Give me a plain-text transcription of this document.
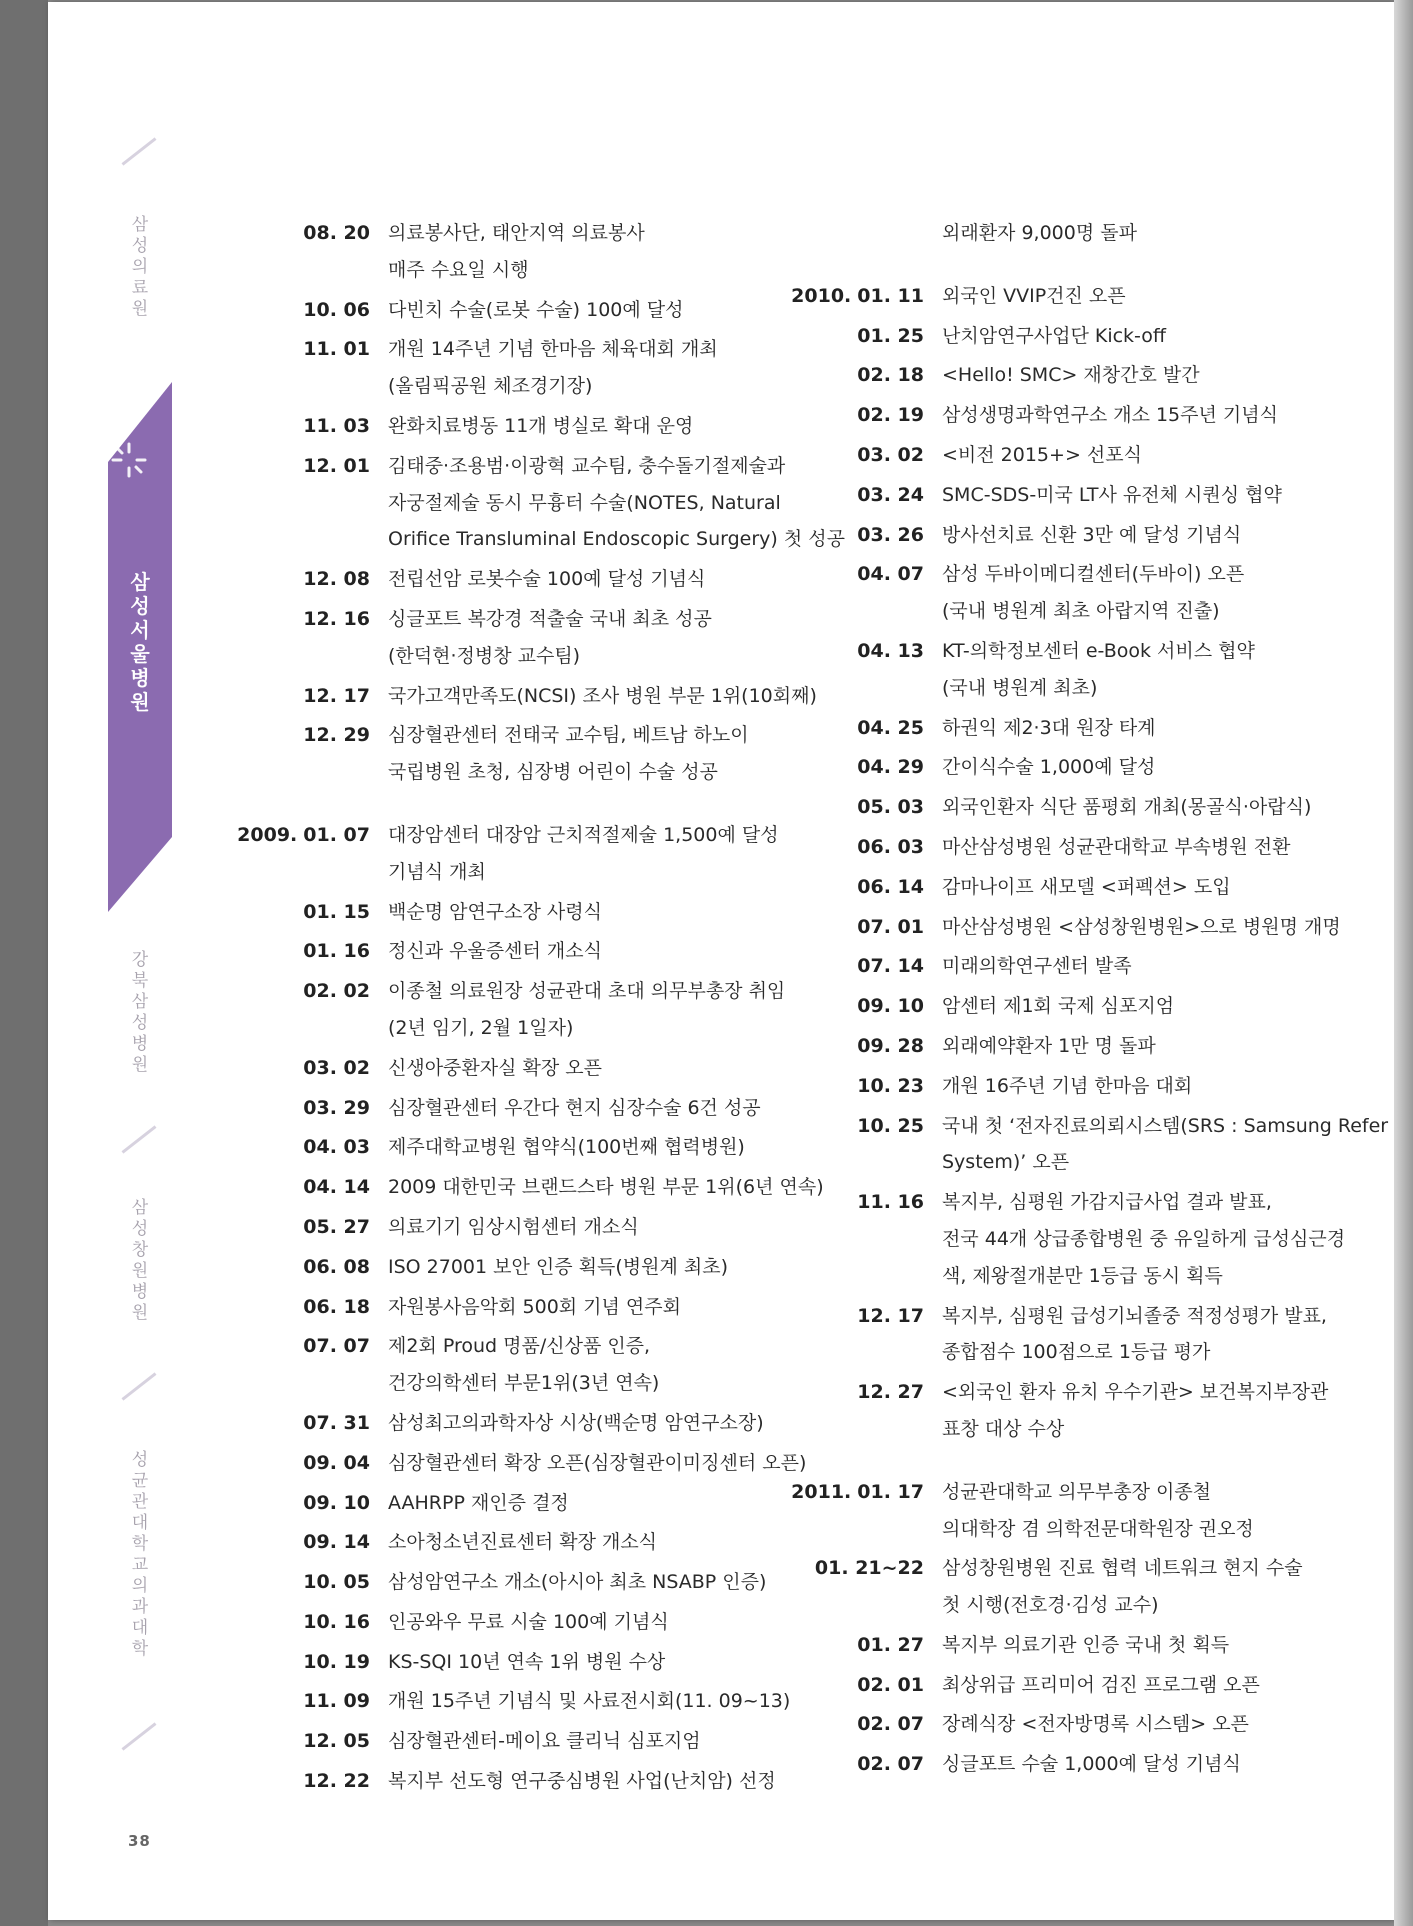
삼성의료원
삼성서울병원
강북삼성병원
삼성창원병원
성균관대학교 의과대학
38
08. 20 의료봉사단, 태안지역 의료봉사
매주 수요일 시행
10. 06 다빈치 수술(로봇 수술) 100예 달성
11. 01 개원 14주년 기념 한마음 체육대회 개최
(올림픽공원 체조경기장)
11. 03 완화치료병동 11개 병실로 확대 운영
12. 01 김태중·조용범·이광혁 교수팀, 충수돌기절제술과
자궁절제술 동시 무흉터 수술(NOTES, Natural
Orifice Transluminal Endoscopic Surgery) 첫 성공
12. 08 전립선암 로봇수술 100예 달성 기념식
12. 16 싱글포트 복강경 적출술 국내 최초 성공
(한덕현·정병창 교수팀)
12. 17 국가고객만족도(NCSI) 조사 병원 부문 1위(10회째)
12. 29 심장혈관센터 전태국 교수팀, 베트남 하노이
국립병원 초청, 심장병 어린이 수술 성공
2009. 01. 07 대장암센터 대장암 근치적절제술 1,500예 달성
기념식 개최
01. 15 백순명 암연구소장 사령식
01. 16 정신과 우울증센터 개소식
02. 02 이종철 의료원장 성균관대 초대 의무부총장 취임
(2년 임기, 2월 1일자)
03. 02 신생아중환자실 확장 오픈
03. 29 심장혈관센터 우간다 현지 심장수술 6건 성공
04. 03 제주대학교병원 협약식(100번째 협력병원)
04. 14 2009 대한민국 브랜드스타 병원 부문 1위(6년 연속)
05. 27 의료기기 임상시험센터 개소식
06. 08 ISO 27001 보안 인증 획득(병원계 최초)
06. 18 자원봉사음악회 500회 기념 연주회
07. 07 제2회 Proud 명품/신상품 인증,
건강의학센터 부문1위(3년 연속)
07. 31 삼성최고의과학자상 시상(백순명 암연구소장)
09. 04 심장혈관센터 확장 오픈(심장혈관이미징센터 오픈)
09. 10 AAHRPP 재인증 결정
09. 14 소아청소년진료센터 확장 개소식
10. 05 삼성암연구소 개소(아시아 최초 NSABP 인증)
10. 16 인공와우 무료 시술 100예 기념식
10. 19 KS-SQI 10년 연속 1위 병원 수상
11. 09 개원 15주년 기념식 및 사료전시회(11. 09~13)
12. 05 심장혈관센터-메이요 클리닉 심포지엄
12. 22 복지부 선도형 연구중심병원 사업(난치암) 선정
외래환자 9,000명 돌파
2010. 01. 11 외국인 VVIP건진 오픈
01. 25 난치암연구사업단 Kick-off
02. 18 <Hello! SMC> 재창간호 발간
02. 19 삼성생명과학연구소 개소 15주년 기념식
03. 02 <비전 2015+> 선포식
03. 24 SMC-SDS-미국 LT사 유전체 시퀀싱 협약
03. 26 방사선치료 신환 3만 예 달성 기념식
04. 07 삼성 두바이메디컬센터(두바이) 오픈
(국내 병원계 최초 아랍지역 진출)
04. 13 KT-의학정보센터 e-Book 서비스 협약
(국내 병원계 최초)
04. 25 하권익 제2·3대 원장 타계
04. 29 간이식수술 1,000예 달성
05. 03 외국인환자 식단 품평회 개최(몽골식·아랍식)
06. 03 마산삼성병원 성균관대학교 부속병원 전환
06. 14 감마나이프 새모델 <퍼펙션> 도입
07. 01 마산삼성병원 <삼성창원병원>으로 병원명 개명
07. 14 미래의학연구센터 발족
09. 10 암센터 제1회 국제 심포지엄
09. 28 외래예약환자 1만 명 돌파
10. 23 개원 16주년 기념 한마음 대회
10. 25 국내 첫 ‘전자진료의뢰시스템(SRS : Samsung Refer
System)’ 오픈
11. 16 복지부, 심평원 가감지급사업 결과 발표,
전국 44개 상급종합병원 중 유일하게 급성심근경
색, 제왕절개분만 1등급 동시 획득
12. 17 복지부, 심평원 급성기뇌졸중 적정성평가 발표,
종합점수 100점으로 1등급 평가
12. 27 <외국인 환자 유치 우수기관> 보건복지부장관
표창 대상 수상
2011. 01. 17 성균관대학교 의무부총장 이종철
의대학장 겸 의학전문대학원장 권오정
01. 21~22 삼성창원병원 진료 협력 네트워크 현지 수술
첫 시행(전호경·김성 교수)
01. 27 복지부 의료기관 인증 국내 첫 획득
02. 01 최상위급 프리미어 검진 프로그램 오픈
02. 07 장례식장 <전자방명록 시스템> 오픈
02. 07 싱글포트 수술 1,000예 달성 기념식
